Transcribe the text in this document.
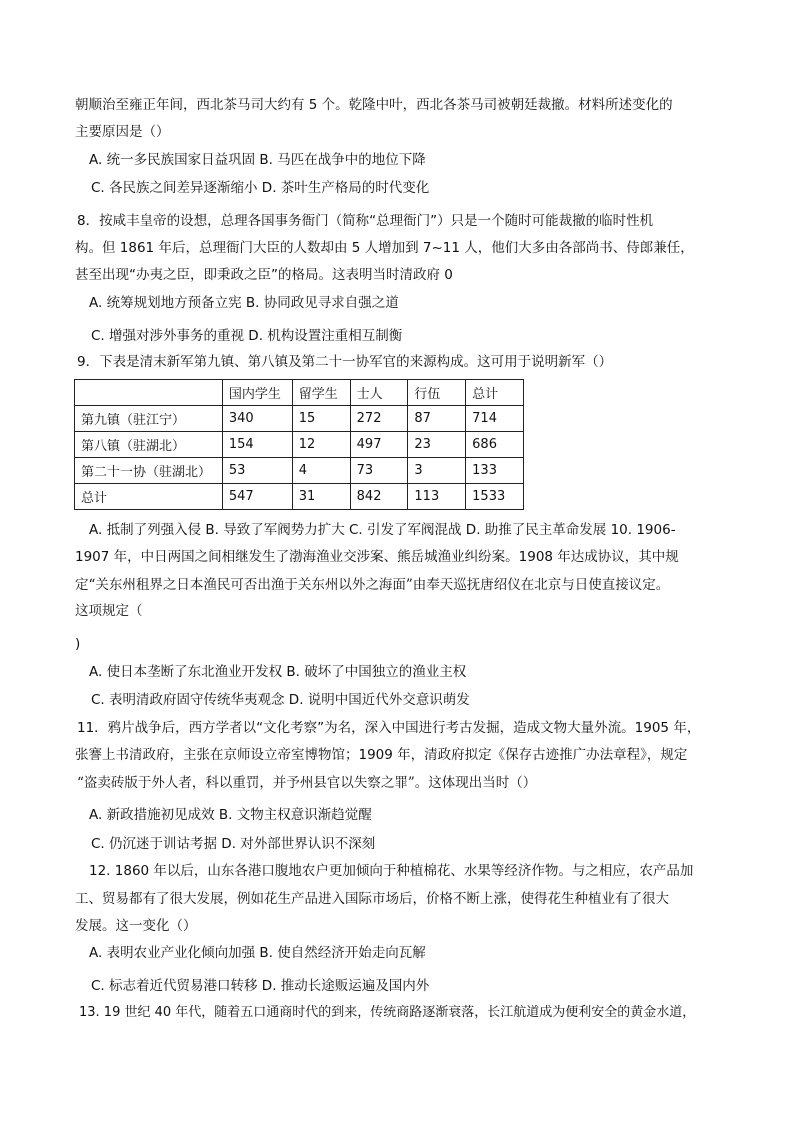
朝顺治至雍正年间，西北茶马司大约有 5 个。乾隆中叶，西北各茶马司被朝廷裁撤。材料所述变化的
主要原因是（）
A. 统一多民族国家日益巩固 B. 马匹在战争中的地位下降
C. 各民族之间差异逐渐缩小 D. 茶叶生产格局的时代变化
8．按咸丰皇帝的设想，总理各国事务衙门（简称“总理衙门”）只是一个随时可能裁撤的临时性机
构。但 1861 年后，总理衙门大臣的人数却由 5 人增加到 7~11 人，他们大多由各部尚书、侍郎兼任，
甚至出现“办夷之臣，即秉政之臣”的格局。这表明当时清政府 0
A. 统筹规划地方预备立宪 B. 协同政见寻求自强之道
C. 增强对涉外事务的重视 D. 机构设置注重相互制衡
9．下表是清末新军第九镇、第八镇及第二十一协军官的来源构成。这可用于说明新军（）
	国内学生	留学生	士人	行伍	总计
第九镇（驻江宁）	340	15	272	87	714
第八镇（驻湖北）	154	12	497	23	686
第二十一协（驻湖北）	53	4	73	3	133
总计	547	31	842	113	1533
A. 抵制了列强入侵 B. 导致了军阀势力扩大 C. 引发了军阀混战 D. 助推了民主革命发展 10. 1906-
1907 年，中日两国之间相继发生了渤海渔业交涉案、熊岳城渔业纠纷案。1908 年达成协议，其中规
定“关东州租界之日本渔民可否出渔于关东州以外之海面”由奉天巡抚唐绍仪在北京与日使直接议定。
这项规定（
)
A. 使日本垄断了东北渔业开发权 B. 破坏了中国独立的渔业主权
C. 表明清政府固守传统华夷观念 D. 说明中国近代外交意识萌发
11．鸦片战争后，西方学者以“文化考察”为名，深入中国进行考古发掘，造成文物大量外流。1905 年，
张謇上书清政府，主张在京师设立帝室博物馆；1909 年，清政府拟定《保存古迹推广办法章程》，规定
“盗卖砖版于外人者，科以重罚，并予州县官以失察之罪”。这体现出当时（）
A. 新政措施初见成效 B. 文物主权意识渐趋觉醒
C. 仍沉迷于训诂考据 D. 对外部世界认识不深刻
12. 1860 年以后，山东各港口腹地农户更加倾向于种植棉花、水果等经济作物。与之相应，农产品加
工、贸易都有了很大发展，例如花生产品进入国际市场后，价格不断上涨，使得花生种植业有了很大
发展。这一变化（）
A. 表明农业产业化倾向加强 B. 使自然经济开始走向瓦解
C. 标志着近代贸易港口转移 D. 推动长途贩运遍及国内外
13. 19 世纪 40 年代，随着五口通商时代的到来，传统商路逐渐衰落，长江航道成为便利安全的黄金水道，
